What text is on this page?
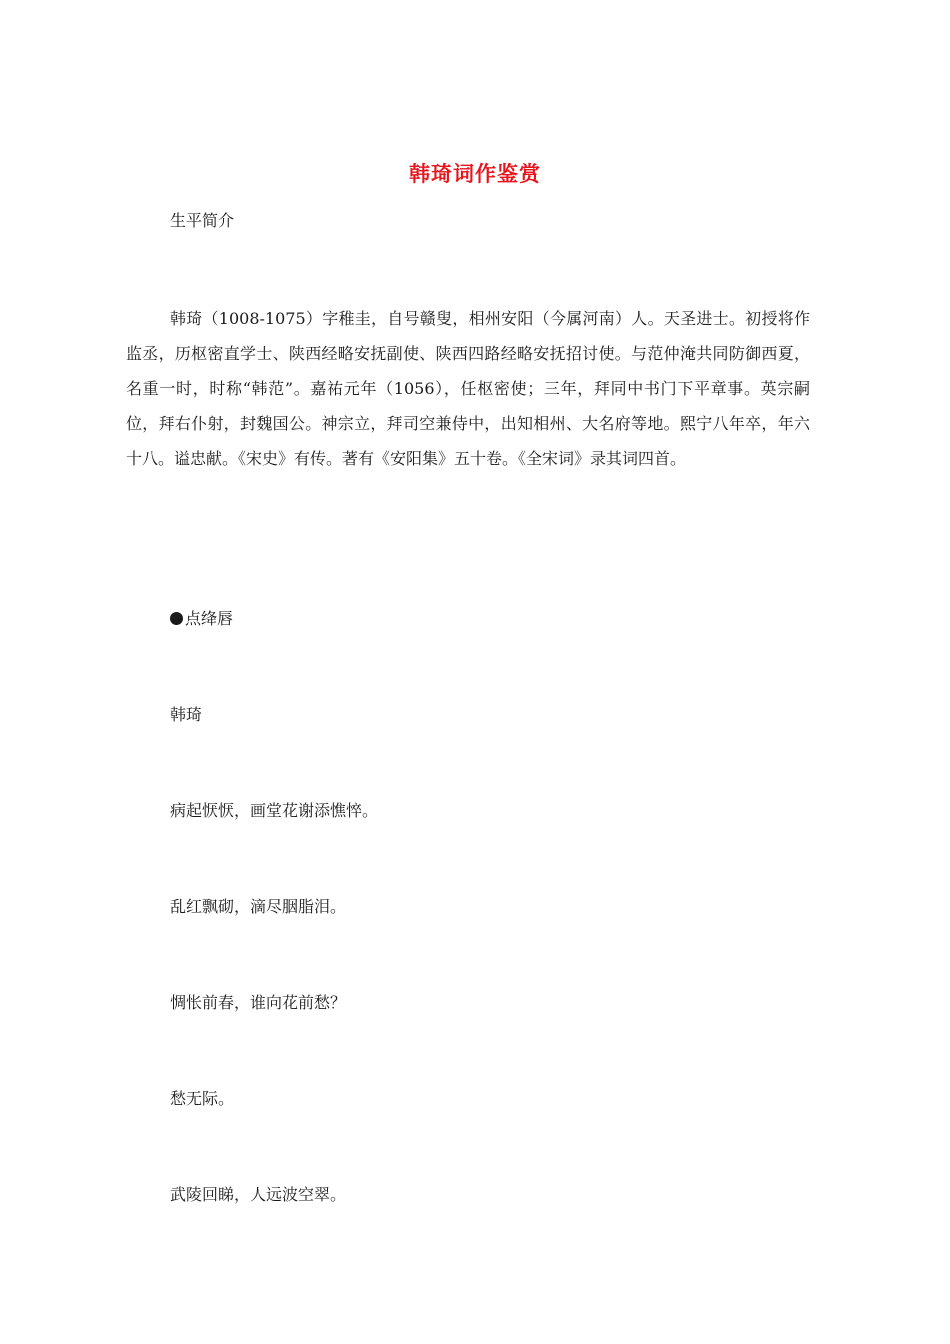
韩琦词作鉴赏
生平简介
韩琦（1008-1075）字稚圭，自号赣叟，相州安阳（今属河南）人。天圣进士。初授将作监丞，历枢密直学士、陕西经略安抚副使、陕西四路经略安抚招讨使。与范仲淹共同防御西夏，名重一时，时称“韩范”。嘉祐元年（1056），任枢密使；三年，拜同中书门下平章事。英宗嗣位，拜右仆射，封魏国公。神宗立，拜司空兼侍中，出知相州、大名府等地。熙宁八年卒，年六十八。谥忠献。《宋史》有传。著有《安阳集》五十卷。《全宋词》录其词四首。
点绛唇
韩琦
病起恹恹，画堂花谢添憔悴。
乱红飘砌，滴尽胭脂泪。
惆怅前春，谁向花前愁？
愁无际。
武陵回睇，人远波空翠。
